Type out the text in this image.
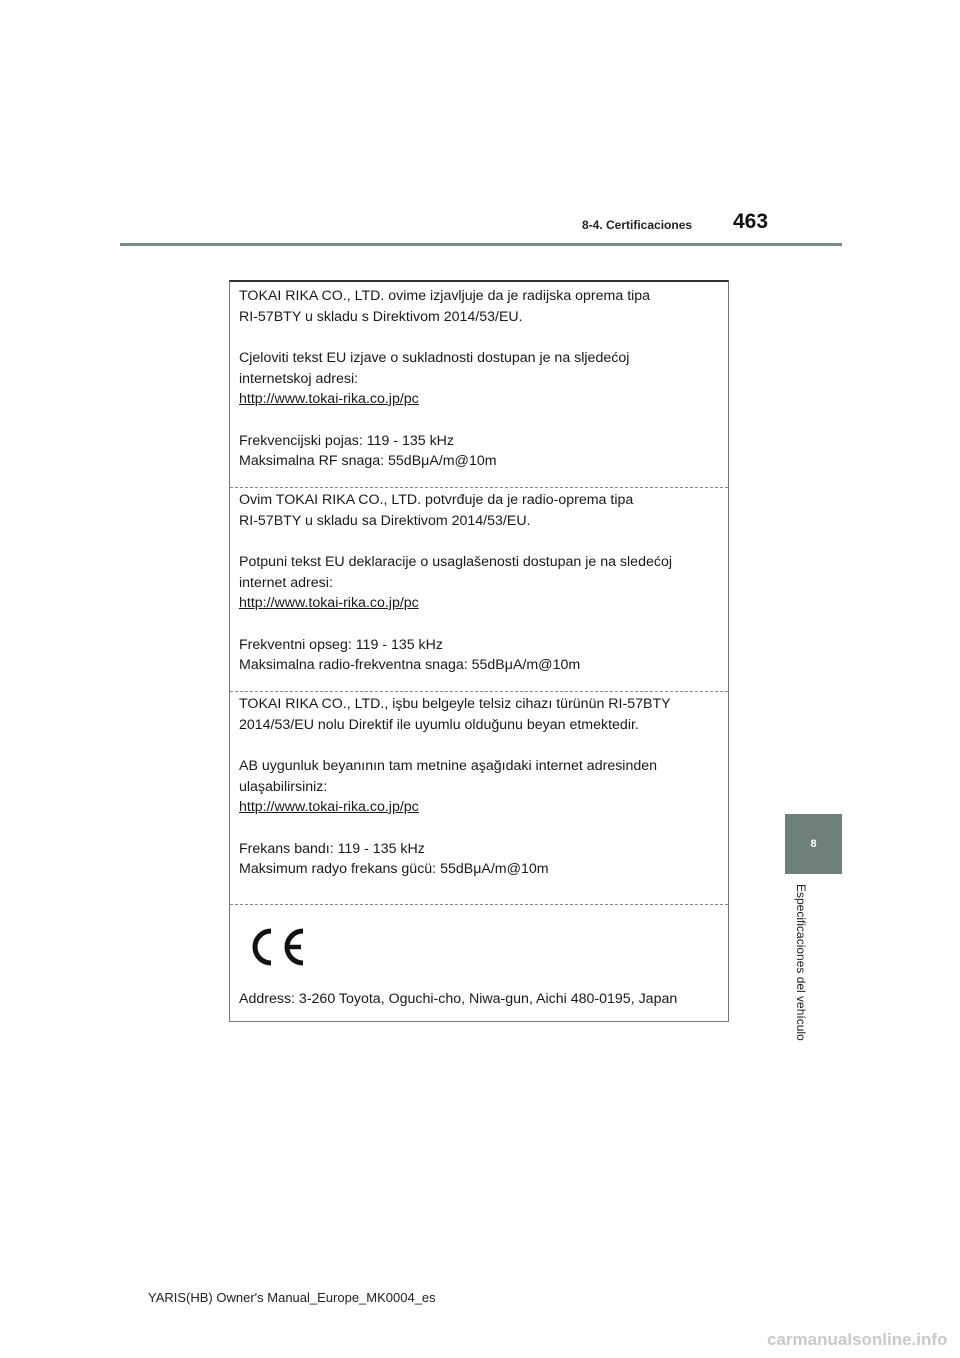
8-4. Certificaciones 463
8
Especificaciones del vehículo

TOKAI RIKA CO., LTD. ovime izjavljuje da je radijska oprema tipa

RI-57BTY u skladu s Direktivom 2014/53/EU.

Cjeloviti tekst EU izjave o sukladnosti dostupan je na sljedećoj

internetskoj adresi:

http://www.tokai-rika.co.jp/pc

Frekvencijski pojas: 119 - 135 kHz

Maksimalna RF snaga: 55dBμA/m@10m

Ovim TOKAI RIKA CO., LTD. potvrđuje da je radio-oprema tipa

RI-57BTY u skladu sa Direktivom 2014/53/EU.

Potpuni tekst EU deklaracije o usaglašenosti dostupan je na sledećoj

internet adresi:

http://www.tokai-rika.co.jp/pc

Frekventni opseg: 119 - 135 kHz

Maksimalna radio-frekventna snaga: 55dBμA/m@10m

TOKAI RIKA CO., LTD., işbu belgeyle telsiz cihazı türünün RI-57BTY

2014/53/EU nolu Direktif ile uyumlu olduğunu beyan etmektedir.

AB uygunluk beyanının tam metnine aşağıdaki internet adresinden

ulaşabilirsiniz:

http://www.tokai-rika.co.jp/pc

Frekans bandı: 119 - 135 kHz

Maksimum radyo frekans gücü: 55dBμA/m@10m

Address: 3-260 Toyota, Oguchi-cho, Niwa-gun, Aichi 480-0195, Japan

YARIS(HB) Owner's Manual_Europe_MK0004_es
carmanualsonline.info
